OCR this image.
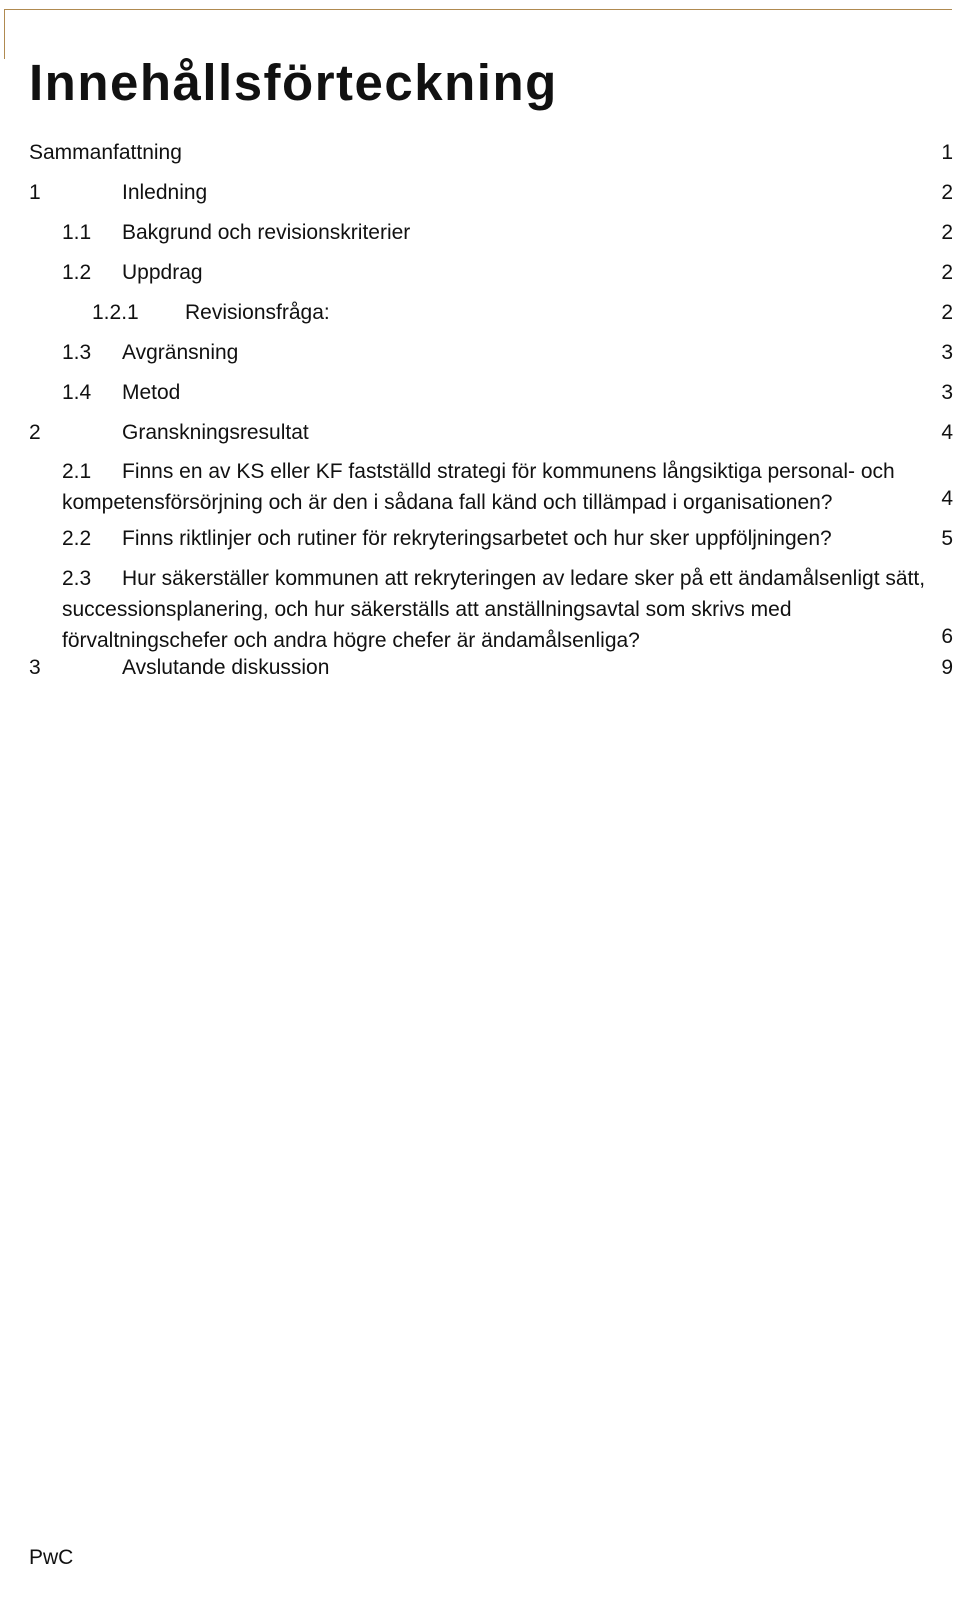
Innehållsförteckning
Sammanfattning	1
1	Inledning	2
1.1 Bakgrund och revisionskriterier	2
1.2 Uppdrag	2
1.2.1 Revisionsfråga:	2
1.3 Avgränsning	3
1.4 Metod	3
2	Granskningsresultat	4
2.1 Finns en av KS eller KF fastställd strategi för kommunens långsiktiga personal- och kompetensförsörjning och är den i sådana fall känd och tillämpad i organisationen?	4
2.2 Finns riktlinjer och rutiner för rekryteringsarbetet och hur sker uppföljningen?	5
2.3 Hur säkerställer kommunen att rekryteringen av ledare sker på ett ändamålsenligt sätt, successionsplanering, och hur säkerställs att anställningsavtal som skrivs med förvaltningschefer och andra högre chefer är ändamålsenliga?	6
3	Avslutande diskussion	9
PwC
